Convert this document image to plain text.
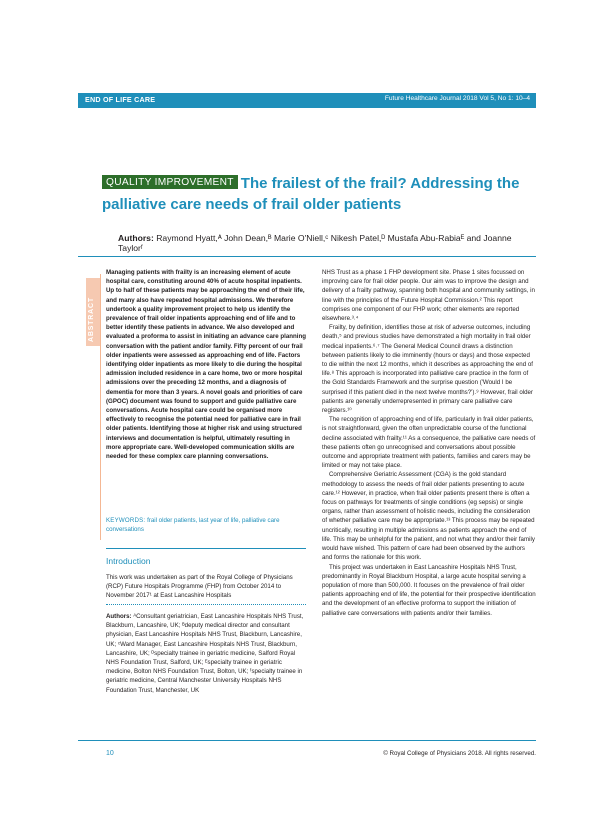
END OF LIFE CARE	Future Healthcare Journal 2018 Vol 5, No 1: 10–4
QUALITY IMPROVEMENT The frailest of the frail? Addressing the palliative care needs of frail older patients
Authors: Raymond Hyatt,ᴬ John Dean,ᴮ Marie O'Niell,ᶜ Nikesh Patel,ᴰ Mustafa Abu-Rabiaᴱ and Joanne Taylorᶠ
ABSTRACT
Managing patients with frailty is an increasing element of acute hospital care, constituting around 40% of acute hospital inpatients. Up to half of these patients may be approaching the end of their life, and many also have repeated hospital admissions. We therefore undertook a quality improvement project to help us identify the prevalence of frail older inpatients approaching end of life and to better identify these patients in advance. We also developed and evaluated a proforma to assist in initiating an advance care planning conversation with the patient and/or family. Fifty percent of our frail older inpatients were assessed as approaching end of life. Factors identifying older inpatients as more likely to die during the hospital admission included residence in a care home, two or more hospital admissions over the preceding 12 months, and a diagnosis of dementia for more than 3 years. A novel goals and priorities of care (GPOC) document was found to support and guide palliative care conversations. Acute hospital care could be organised more effectively to recognise the potential need for palliative care in frail older patients. Identifying those at higher risk and using structured interviews and documentation is helpful, ultimately resulting in more appropriate care. Well-developed communication skills are needed for these complex care planning conversations.
KEYWORDS: frail older patients, last year of life, palliative care conversations
Introduction
This work was undertaken as part of the Royal College of Physicians (RCP) Future Hospitals Programme (FHP) from October 2014 to November 2017¹ at East Lancashire Hospitals
Authors: ᴬConsultant geriatrician, East Lancashire Hospitals NHS Trust, Blackburn, Lancashire, UK; ᴮdeputy medical director and consultant physician, East Lancashire Hospitals NHS Trust, Blackburn, Lancashire, UK; ᶜWard Manager, East Lancashire Hospitals NHS Trust, Blackburn, Lancashire, UK; ᴰspecialty trainee in geriatric medicine, Salford Royal NHS Foundation Trust, Salford, UK; ᴱspecialty trainee in geriatric medicine, Bolton NHS Foundation Trust, Bolton, UK; ᶠspecialty trainee in geriatric medicine, Central Manchester University Hospitals NHS Foundation Trust, Manchester, UK

NHS Trust as a phase 1 FHP development site. Phase 1 sites focussed on improving care for frail older people. Our aim was to improve the design and delivery of a frailty pathway, spanning both hospital and community settings, in line with the principles of the Future Hospital Commission.² This report comprises one component of our FHP work; other elements are reported elsewhere.³˒⁴

Frailty, by definition, identifies those at risk of adverse outcomes, including death,⁵ and previous studies have demonstrated a high mortality in frail older medical inpatients.⁶˒⁷ The General Medical Council draws a distinction between patients likely to die imminently (hours or days) and those expected to die within the next 12 months, which it describes as approaching the end of life.⁸ This approach is incorporated into palliative care practice in the form of the Gold Standards Framework and the surprise question ('Would I be surprised if this patient died in the next twelve months?').⁹ However, frail older patients are generally underrepresented in primary care palliative care registers.¹⁰

The recognition of approaching end of life, particularly in frail older patients, is not straightforward, given the often unpredictable course of the functional decline associated with frailty.¹¹ As a consequence, the palliative care needs of these patients often go unrecognised and conversations about possible outcome and appropriate treatment with patients, families and carers may be limited or may not take place.

Comprehensive Geriatric Assessment (CGA) is the gold standard methodology to assess the needs of frail older patients presenting to acute care.¹² However, in practice, when frail older patients present there is often a focus on pathways for treatments of single conditions (eg sepsis) or single organs, rather than assessment of holistic needs, including the consideration of whether palliative care may be appropriate.¹³ This process may be repeated uncritically, resulting in multiple admissions as patients approach the end of life. This may be unhelpful for the patient, and not what they and/or their family would have wished. This pattern of care had been observed by the authors and forms the rationale for this work.

This project was undertaken in East Lancashire Hospitals NHS Trust, predominantly in Royal Blackburn Hospital, a large acute hospital serving a population of more than 500,000. It focuses on the prevalence of frail older patients approaching end of life, the potential for their prospective identification and the development of an effective proforma to support the initiation of palliative care conversations with patients and/or their families.

10	© Royal College of Physicians 2018. All rights reserved.
